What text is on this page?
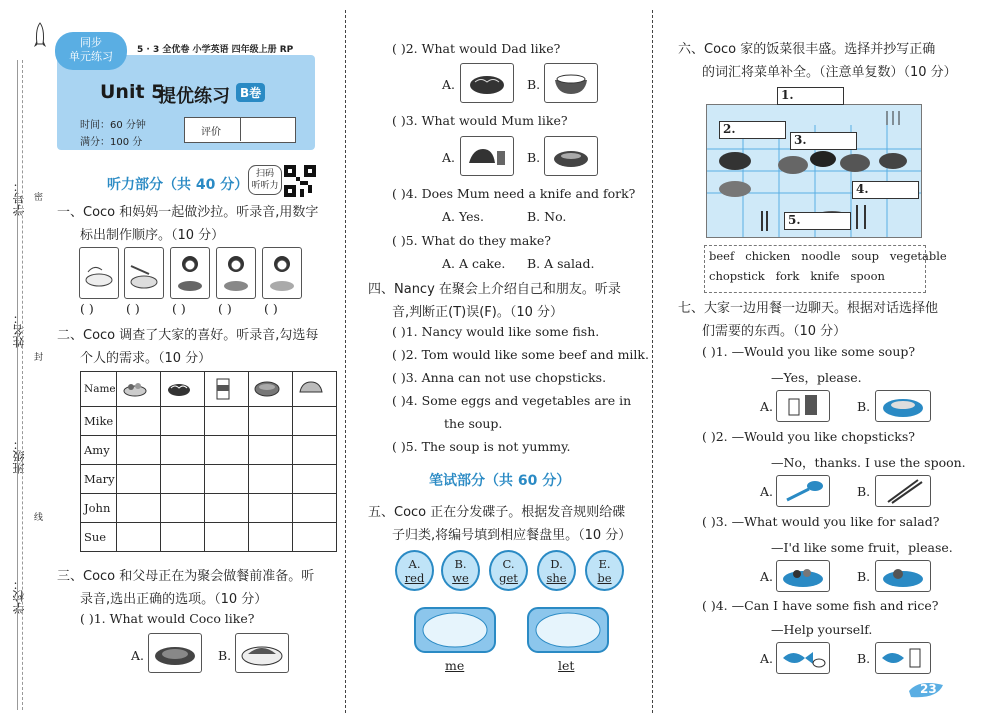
学号：
姓名：
班级：
学校：
密
封
线
同步
单元练习	5 · 3 全优卷 小学英语 四年级上册 RP
Unit 5
提优练习 B卷
时间：60 分钟
满分：100 分
评价
听力部分（共 40 分）
扫码
听听力
一、Coco 和妈妈一起做沙拉。听录音,用数字
标出制作顺序。（10 分）
( )	( )	( )	( )	( )
二、Coco 调查了大家的喜好。听录音,勾选每
个人的需求。（10 分）
Name					
Mike					
Amy					
Mary					
John					
Sue					
三、Coco 和父母正在为聚会做餐前准备。听
录音,选出正确的选项。（10 分）
( )1. What would Coco like?
A.	B.
( )2. What would Dad like?
A.	B.
( )3. What would Mum like?
A.	B.
( )4. Does Mum need a knife and fork?
A. Yes.	B. No.
( )5. What do they make?
A. A cake. B. A salad.
四、Nancy 在聚会上介绍自己和朋友。听录
音,判断正(T)误(F)。（10 分）
( )1. Nancy would like some fish.
( )2. Tom would like some beef and milk.
( )3. Anna can not use chopsticks.
( )4. Some eggs and vegetables are in
the soup.
( )5. The soup is not yummy.
笔试部分（共 60 分）
五、Coco 正在分发碟子。根据发音规则给碟
子归类,将编号填到相应餐盘里。（10 分）
A.
red
B.
we
C.
get
D.
she
E.
be
me	let
六、Coco 家的饭菜很丰盛。选择并抄写正确
的词汇将菜单补全。（注意单复数）（10 分）
1.
2.
3.
4.
5.
beef   chicken   noodle   soup   vegetable
chopstick   fork   knife   spoon
七、大家一边用餐一边聊天。根据对话选择他
们需要的东西。（10 分）
( )1. —Would you like some soup?
—Yes，please.
A.	B.
( )2. —Would you like chopsticks?
—No，thanks. I use the spoon.
A.	B.
( )3. —What would you like for salad?
—I'd like some fruit，please.
A.	B.
( )4. —Can I have some fish and rice?
—Help yourself.
A.	B.
23
